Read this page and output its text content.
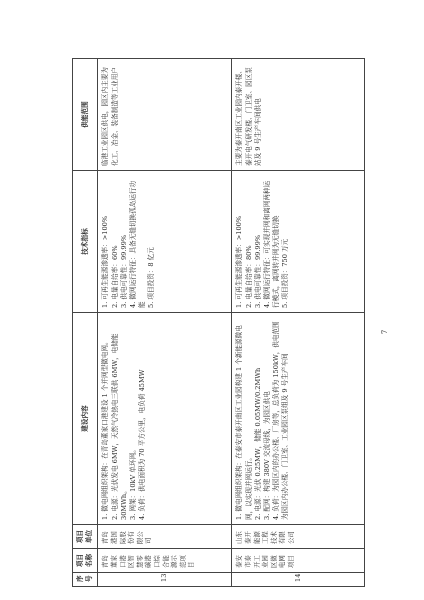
序号	项目名称	项目单位	建设内容	技术指标	供能范围
13	青岛董家口港区智慧零碳港口综合能源示范项目	青岛港国际股份有限公司	1. 微电网组织架构：在青岛董家口港建设 1 个并网型微电网。 2. 电源：光伏发电 6MW，天然气冷热电三联供 6MW，电储能 30MWh。 3. 网架：10kV 单环网。 4. 负荷：供电面积为 70 平方公里，电负荷 45MW	1. 可再生能源渗透率：>100% 2. 电量自给率：60% 3. 供电可靠性：99.99% 4. 微网运行特征：具备无缝切换孤岛运行功能 5. 项目投资：8 亿元	临港工业园区供电，园区内主要为化工、冶金、装备制造等工业用户
14	泰安市泰开工业园区微电网项目	山东泰开能源工程技术有限公司	1. 微电网组织架构：在泰安市泰开南区工业园构建 1 个新能源微电网，以实现并网运行。 2. 电源：光伏 0.25MW，储能 0.05MW/0.2MWh 3. 配网：构建 380V 交流母线，为园区供电 4. 负荷：为园区内的办公楼、厂房等，总负荷为 150kW，供电范围为园区内办公楼、门卫室、工业园区泵组及 9 号生产车间	1. 可再生能源渗透率：>100% 2. 电量自给率：80% 3. 供电可靠性：99.99% 4. 微网运行特征：可实现并网和离网两种运行模式，离网转并网为无缝切换 5. 项目投资：750 万元	主要为泰开南区工业园内泰开楼、泰开电气研发楼、门卫室、园区泵站及 9 号生产车间供电
7
